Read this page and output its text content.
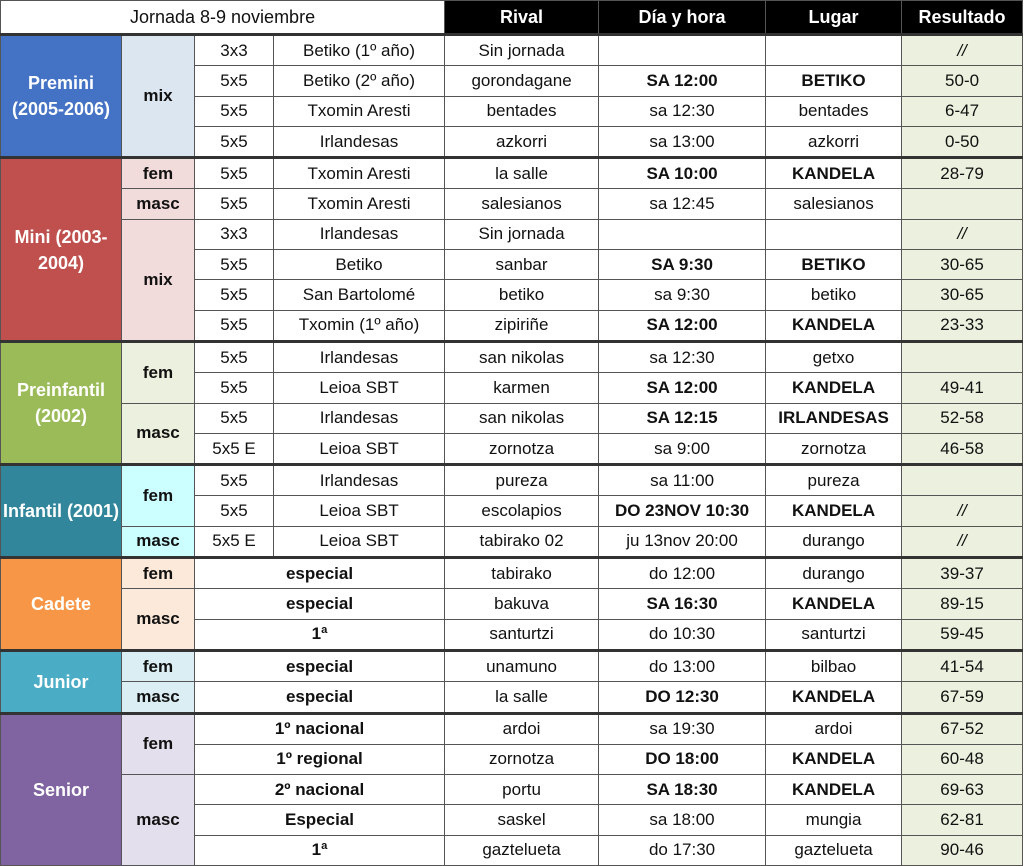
Jornada 8-9 noviembre				Rival	Día y hora	Lugar	Resultado
Premini (2005-2006)	mix	3x3	Betiko (1º año)	Sin jornada			//
		5x5	Betiko (2º año)	gorondagane	SA 12:00	BETIKO	50-0
		5x5	Txomin Aresti	bentades	sa 12:30	bentades	6-47
		5x5	Irlandesas	azkorri	sa 13:00	azkorri	0-50
Mini (2003-2004)	fem	5x5	Txomin Aresti	la salle	SA 10:00	KANDELA	28-79
	masc	5x5	Txomin Aresti	salesianos	sa 12:45	salesianos	
	mix	3x3	Irlandesas	Sin jornada			//
		5x5	Betiko	sanbar	SA 9:30	BETIKO	30-65
		5x5	San Bartolomé	betiko	sa 9:30	betiko	30-65
		5x5	Txomin (1º año)	zipiriñe	SA 12:00	KANDELA	23-33
Preinfantil (2002)	fem	5x5	Irlandesas	san nikolas	sa 12:30	getxo	
		5x5	Leioa SBT	karmen	SA 12:00	KANDELA	49-41
	masc	5x5	Irlandesas	san nikolas	SA 12:15	IRLANDESAS	52-58
		5x5 E	Leioa SBT	zornotza	sa 9:00	zornotza	46-58
Infantil (2001)	fem	5x5	Irlandesas	pureza	sa 11:00	pureza	
		5x5	Leioa SBT	escolapios	DO 23NOV 10:30	KANDELA	//
	masc	5x5 E	Leioa SBT	tabirako 02	ju 13nov 20:00	durango	//
Cadete	fem	especial		tabirako	do 12:00	durango	39-37
	masc	especial		bakuva	SA 16:30	KANDELA	89-15
		1ª		santurtzi	do 10:30	santurtzi	59-45
Junior	fem	especial		unamuno	do 13:00	bilbao	41-54
	masc	especial		la salle	DO 12:30	KANDELA	67-59
Senior	fem	1º nacional		ardoi	sa 19:30	ardoi	67-52
		1º regional		zornotza	DO 18:00	KANDELA	60-48
	masc	2º nacional		portu	SA 18:30	KANDELA	69-63
		Especial		saskel	sa 18:00	mungia	62-81
		1ª		gaztelueta	do 17:30	gaztelueta	90-46
